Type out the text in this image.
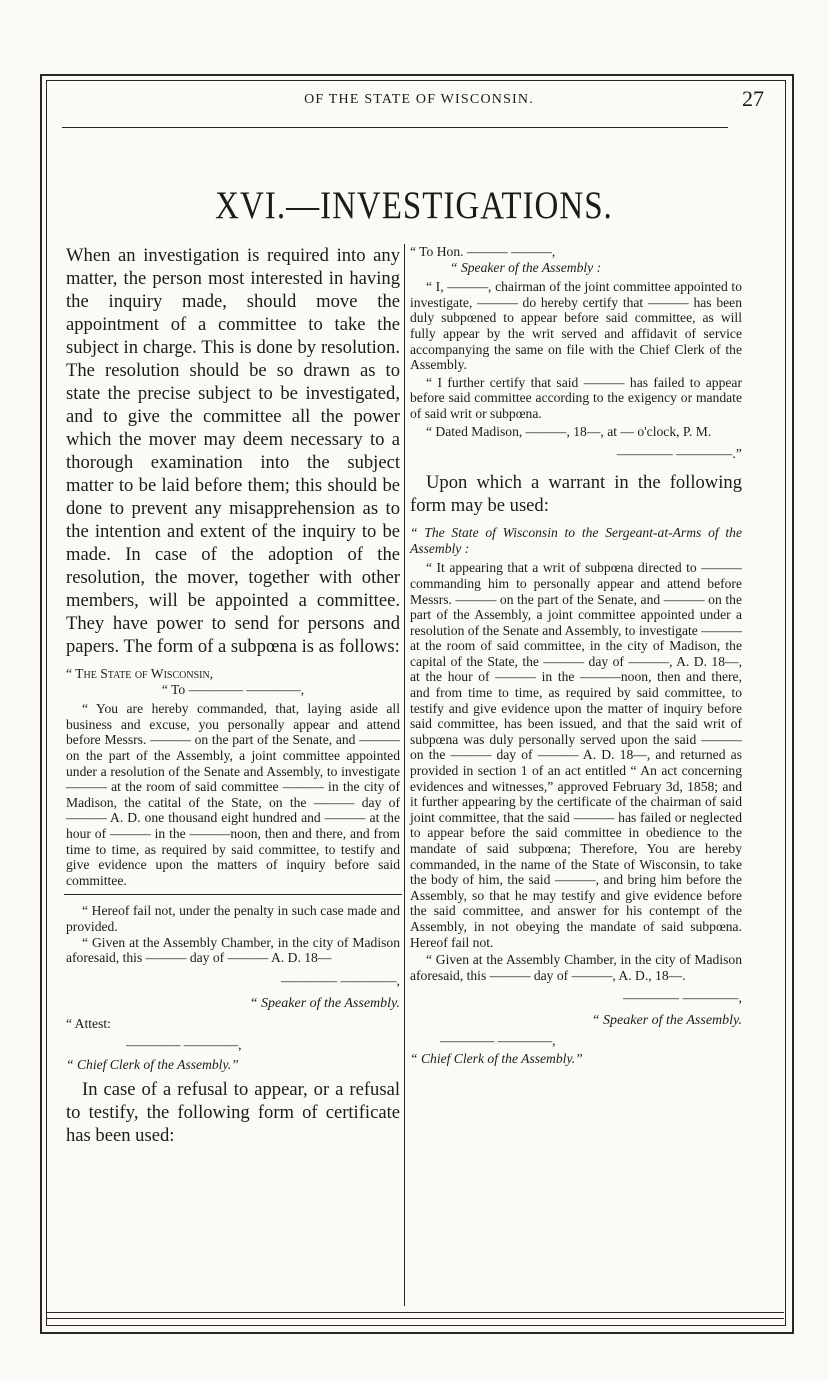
OF THE STATE OF WISCONSIN.	27
XVI.—INVESTIGATIONS.

When an investigation is required into any matter, the person most interested in having the inquiry made, should move the appointment of a committee to take the subject in charge. This is done by resolution. The resolution should be so drawn as to state the precise subject to be investigated, and to give the committee all the power which the mover may deem necessary to a thorough examination into the subject matter to be laid before them; this should be done to prevent any misapprehension as to the intention and extent of the inquiry to be made. In case of the adoption of the resolution, the mover, together with other members, will be appointed a committee. They have power to send for persons and papers. The form of a subpœna is as follows:

“ The State of Wisconsin,

“ To ———— ————,

“ You are hereby commanded, that, laying aside all business and excuse, you personally appear and attend before Messrs. ——— on the part of the Senate, and ——— on the part of the Assembly, a joint committee appointed under a resolution of the Senate and Assembly, to investigate ——— at the room of said committee ——— in the city of Madison, the catital of the State, on the ——— day of ——— A. D. one thousand eight hundred and ——— at the hour of ——— in the ———noon, then and there, and from time to time, as required by said committee, to testify and give evidence upon the matters of inquiry before said committee.

“ Hereof fail not, under the penalty in such case made and provided.

“ Given at the Assembly Chamber, in the city of Madison aforesaid, this ——— day of ——— A. D. 18—

———— ————,

“ Speaker of the Assembly.

“ Attest:

———— ————,

“ Chief Clerk of the Assembly.”

In case of a refusal to appear, or a refusal to testify, the following form of certificate has been used:

“ To Hon. ——— ———,

“ Speaker of the Assembly :

“ I, ———, chairman of the joint committee appointed to investigate, ——— do hereby certify that ——— has been duly subpœned to appear before said committee, as will fully appear by the writ served and affidavit of service accompanying the same on file with the Chief Clerk of the Assembly.

“ I further certify that said ——— has failed to appear before said committee according to the exigency or mandate of said writ or subpœna.

“ Dated Madison, ———, 18—, at — o'clock, P. M.

———— ————.”

Upon which a warrant in the following form may be used:

“ The State of Wisconsin to the Sergeant-at-Arms of the Assembly :

“ It appearing that a writ of subpœna directed to ——— commanding him to personally appear and attend before Messrs. ——— on the part of the Senate, and ——— on the part of the Assembly, a joint committee appointed under a resolution of the Senate and Assembly, to investigate ——— at the room of said committee, in the city of Madison, the capital of the State, the ——— day of ———, A. D. 18—, at the hour of ——— in the ———noon, then and there, and from time to time, as required by said committee, to testify and give evidence upon the matter of inquiry before said committee, has been issued, and that the said writ of subpœna was duly personally served upon the said ——— on the ——— day of ——— A. D. 18—, and returned as provided in section 1 of an act entitled “ An act concerning evidences and witnesses,” approved February 3d, 1858; and it further appearing by the certificate of the chairman of said joint committee, that the said ——— has failed or neglected to appear before the said committee in obedience to the mandate of said subpœna; Therefore, You are hereby commanded, in the name of the State of Wisconsin, to take the body of him, the said ———, and bring him before the Assembly, so that he may testify and give evidence before the said committee, and answer for his contempt of the Assembly, in not obeying the mandate of said subpœna. Hereof fail not.

“ Given at the Assembly Chamber, in the city of Madison aforesaid, this ——— day of ———, A. D., 18—.

———— ————,

“ Speaker of the Assembly.

———— ————,

“ Chief Clerk of the Assembly.”
